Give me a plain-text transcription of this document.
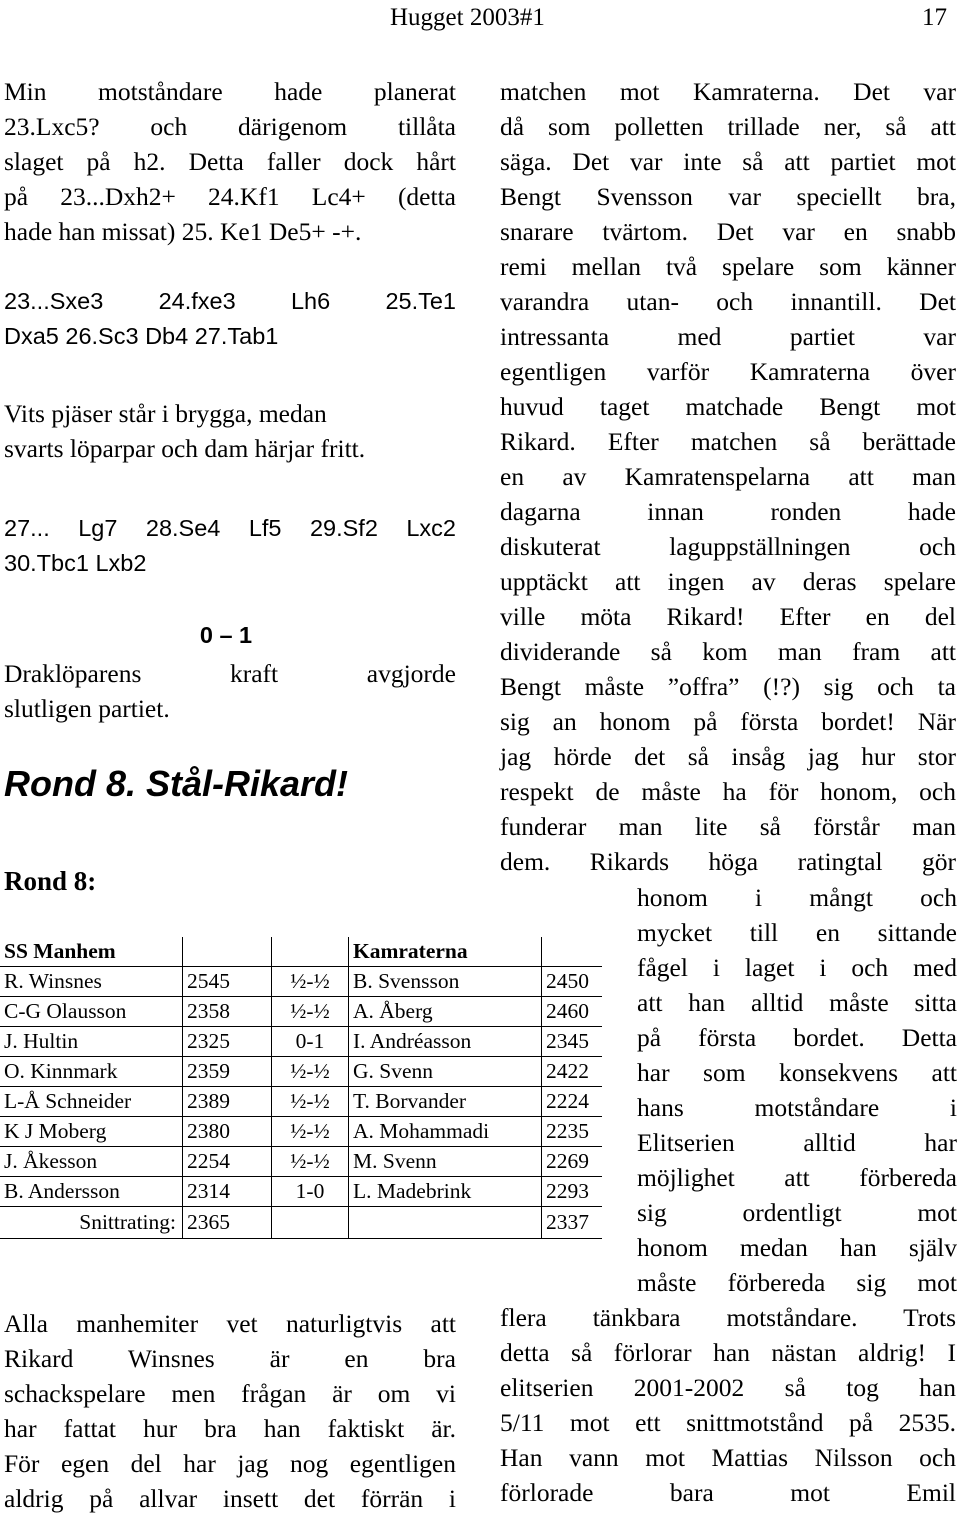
Hugget 2003#1	17
Min motståndare hade planerat
23.Lxc5? och därigenom tillåta
slaget på h2. Detta faller dock hårt
på 23...Dxh2+ 24.Kf1 Lc4+ (detta
hade han missat) 25. Ke1 De5+ -+.
23...Sxe3 24.fxe3 Lh6 25.Te1
Dxa5 26.Sc3 Db4 27.Tab1
Vits pjäser står i brygga, medan
svarts löparpar och dam härjar fritt.
27... Lg7 28.Se4 Lf5 29.Sf2 Lxc2
30.Tbc1 Lxb2
0 – 1
Draklöparens kraft avgjorde
slutligen partiet.
Rond 8. Stål-Rikard!
Rond 8:
SS Manhem			Kamraterna	
R. Winsnes	2545	½-½	B. Svensson	2450
C-G Olausson	2358	½-½	A. Åberg	2460
J. Hultin	2325	0-1	I. Andréasson	2345
O. Kinnmark	2359	½-½	G. Svenn	2422
L-Å Schneider	2389	½-½	T. Borvander	2224
K J Moberg	2380	½-½	A. Mohammadi	2235
J. Åkesson	2254	½-½	M. Svenn	2269
B. Andersson	2314	1-0	L. Madebrink	2293
Snittrating:	2365			2337
Alla manhemiter vet naturligtvis att
Rikard Winsnes är en bra
schackspelare men frågan är om vi
har fattat hur bra han faktiskt är.
För egen del har jag nog egentligen
aldrig på allvar insett det förrän i
matchen mot Kamraterna. Det var
då som polletten trillade ner, så att
säga. Det var inte så att partiet mot
Bengt Svensson var speciellt bra,
snarare tvärtom. Det var en snabb
remi mellan två spelare som känner
varandra utan- och innantill. Det
intressanta med partiet var
egentligen varför Kamraterna över
huvud taget matchade Bengt mot
Rikard. Efter matchen så berättade
en av Kamratenspelarna att man
dagarna innan ronden hade
diskuterat laguppställningen och
upptäckt att ingen av deras spelare
ville möta Rikard! Efter en del
dividerande så kom man fram att
Bengt måste ”offra” (!?) sig och ta
sig an honom på första bordet! När
jag hörde det så insåg jag hur stor
respekt de måste ha för honom, och
funderar man lite så förstår man
dem. Rikards höga ratingtal gör
honom i mångt och
mycket till en sittande
fågel i laget i och med
att han alltid måste sitta
på första bordet. Detta
har som konsekvens att
hans motståndare i
Elitserien alltid har
möjlighet att förbereda
sig ordentligt mot
honom medan han själv
måste förbereda sig mot
flera tänkbara motståndare. Trots
detta så förlorar han nästan aldrig! I
elitserien 2001-2002 så tog han
5/11 mot ett snittmotstånd på 2535.
Han vann mot Mattias Nilsson och
förlorade bara mot Emil
